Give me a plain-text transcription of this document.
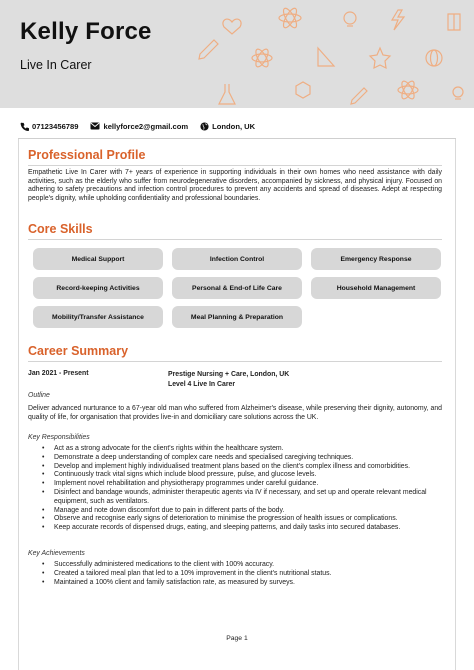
Kelly Force
Live In Carer
07123456789	kellyforce2@gmail.com	London, UK
Professional Profile
Empathetic Live In Carer with 7+ years of experience in supporting individuals in their own homes who need assistance with daily activities, such as the elderly who suffer from neurodegenerative disorders, accompanied by sickness, and physical injury. Focused on adhering to safety precautions and infection control procedures to prevent any accidents and spread of diseases. Adept at respecting people's dignity, while upholding confidentiality and professional boundaries.
Core Skills
Medical Support	Infection Control	Emergency Response
Record-keeping Activities	Personal & End-of Life Care	Household Management
Mobility/Transfer Assistance	Meal Planning & Preparation
Career Summary
Jan 2021 - Present	Prestige Nursing + Care, London, UK
Level 4 Live In Carer
Outline
Deliver advanced nurturance to a 67-year old man who suffered from Alzheimer's disease, while preserving their dignity, autonomy, and quality of life, for organisation that provides live-in and domiciliary care solutions across the UK.
Key Responsibilities
• Act as a strong advocate for the client's rights within the healthcare system.
• Demonstrate a deep understanding of complex care needs and specialised caregiving techniques.
• Develop and implement highly individualised treatment plans based on the client's complex illness and comorbidities.
• Continuously track vital signs which include blood pressure, pulse, and glucose levels.
• Implement novel rehabilitation and physiotherapy programmes under careful guidance.
• Disinfect and bandage wounds, administer therapeutic agents via IV if necessary, and set up and operate relevant medical equipment, such as ventilators.
• Manage and note down discomfort due to pain in different parts of the body.
• Observe and recognise early signs of deterioration to minimise the progression of health issues or complications.
• Keep accurate records of dispensed drugs, eating, and sleeping patterns, and daily tasks into secured databases.
Key Achievements
• Successfully administered medications to the client with 100% accuracy.
• Created a tailored meal plan that led to a 10% improvement in the client's nutritional status.
• Maintained a 100% client and family satisfaction rate, as measured by surveys.
Page 1
